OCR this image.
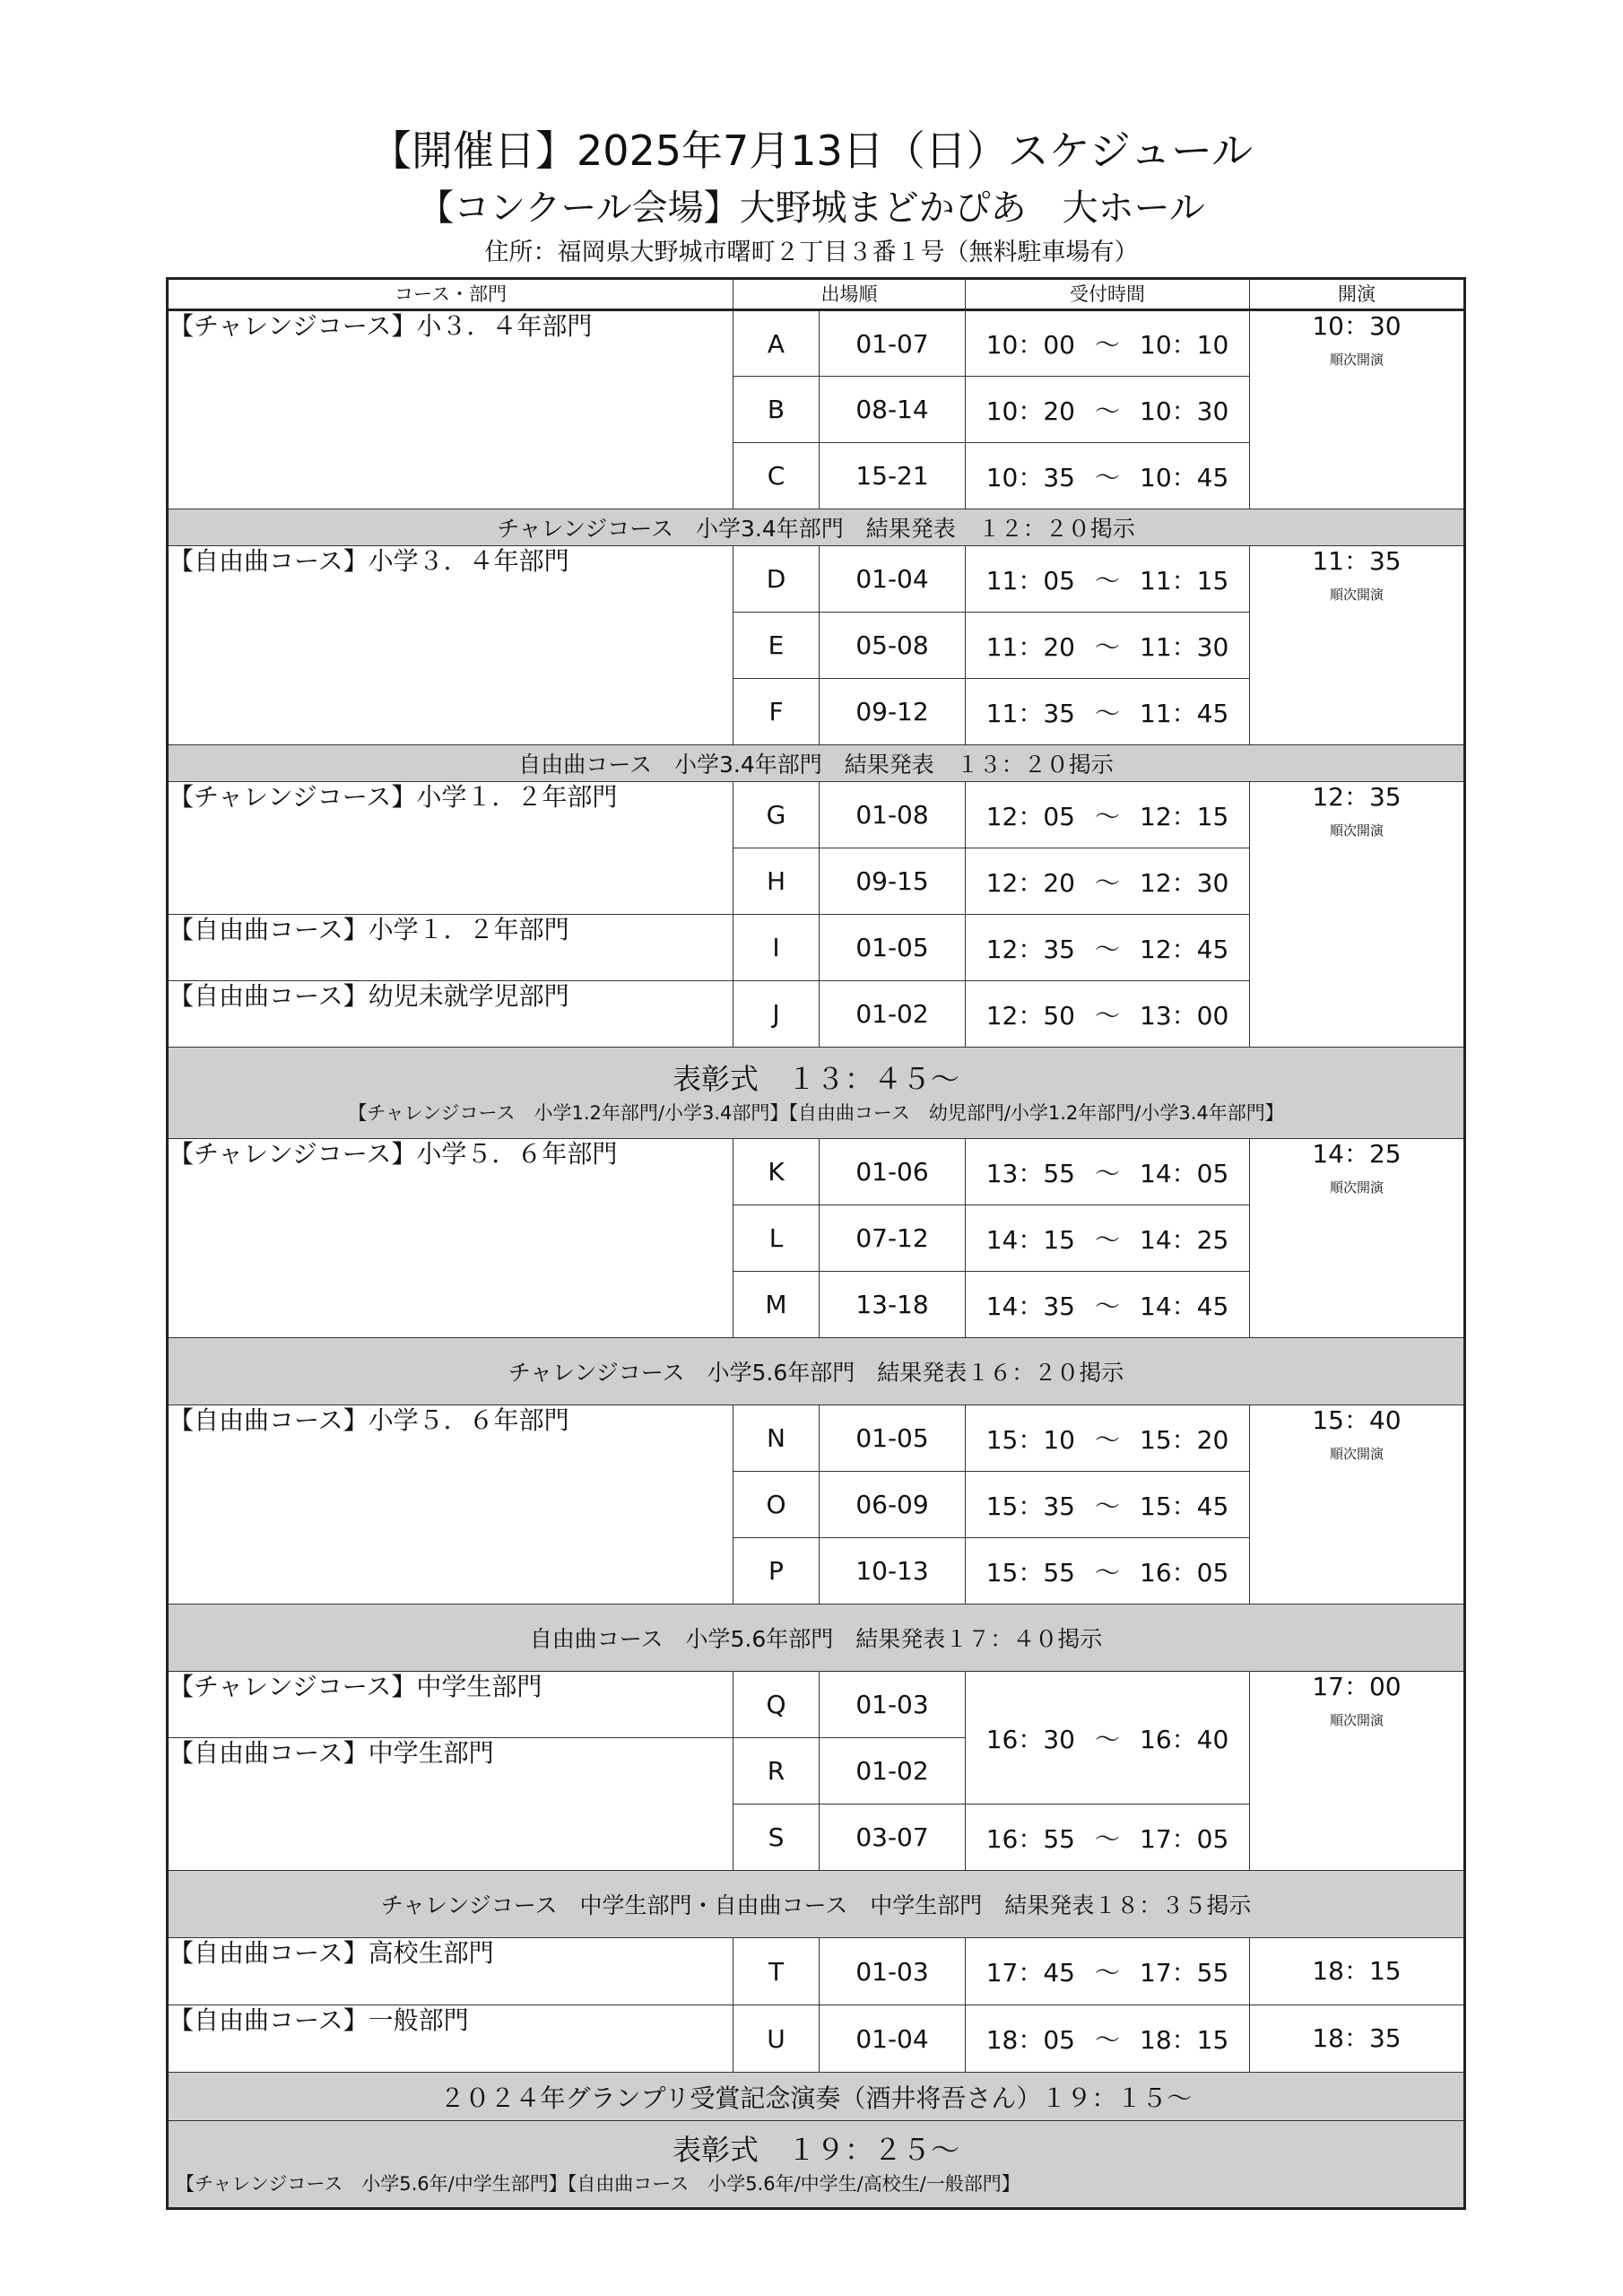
【開催日】2025年7月13日（日）スケジュール
【コンクール会場】大野城まどかぴあ　大ホール
住所：福岡県大野城市曙町２丁目３番１号（無料駐車場有）
コース・部門	出場順		受付時間	開演
【チャレンジコース】小３．４年部門	A	01-07	10：00 ～ 10：10	10：30
順次開演

	B	08-14	10：20 ～ 10：30	
	C	15-21	10：35 ～ 10：45	
チャレンジコース　小学3.4年部門　結果発表　１２：２０掲示				
【自由曲コース】小学３．４年部門	D	01-04	11：05 ～ 11：15	11：35
順次開演

	E	05-08	11：20 ～ 11：30	
	F	09-12	11：35 ～ 11：45	
自由曲コース　小学3.4年部門　結果発表　１３：２０掲示				
【チャレンジコース】小学１．２年部門	G	01-08	12：05 ～ 12：15	12：35
順次開演

	H	09-15	12：20 ～ 12：30	
【自由曲コース】小学１．２年部門	I	01-05	12：35 ～ 12：45	
【自由曲コース】幼児未就学児部門	J	01-02	12：50 ～ 13：00	

表彰式　１３：４５～
【チャレンジコース　小学1.2年部門/小学3.4部門】【自由曲コース　幼児部門/小学1.2年部門/小学3.4年部門】				

【チャレンジコース】小学５．６年部門	K	01-06	13：55 ～ 14：05	14：25
順次開演

	L	07-12	14：15 ～ 14：25	
	M	13-18	14：35 ～ 14：45	
チャレンジコース　小学5.6年部門　結果発表１６：２０掲示				
【自由曲コース】小学５．６年部門	N	01-05	15：10 ～ 15：20	15：40
順次開演

	O	06-09	15：35 ～ 15：45	
	P	10-13	15：55 ～ 16：05	
自由曲コース　小学5.6年部門　結果発表１７：４０掲示				
【チャレンジコース】中学生部門	Q	01-03	16：30 ～ 16：40	17：00
順次開演

【自由曲コース】中学生部門	R	01-02		
	S	03-07	16：55 ～ 17：05	
チャレンジコース　中学生部門・自由曲コース　中学生部門　結果発表１８：３５掲示				
【自由曲コース】高校生部門	T	01-03	17：45 ～ 17：55	18：15

【自由曲コース】一般部門	U	01-04	18：05 ～ 18：15	18：35

２０２４年グランプリ受賞記念演奏（酒井将吾さん）１９：１５～				

表彰式　１９：２５～
【チャレンジコース　小学5.6年/中学生部門】【自由曲コース　小学5.6年/中学生/高校生/一般部門】				
